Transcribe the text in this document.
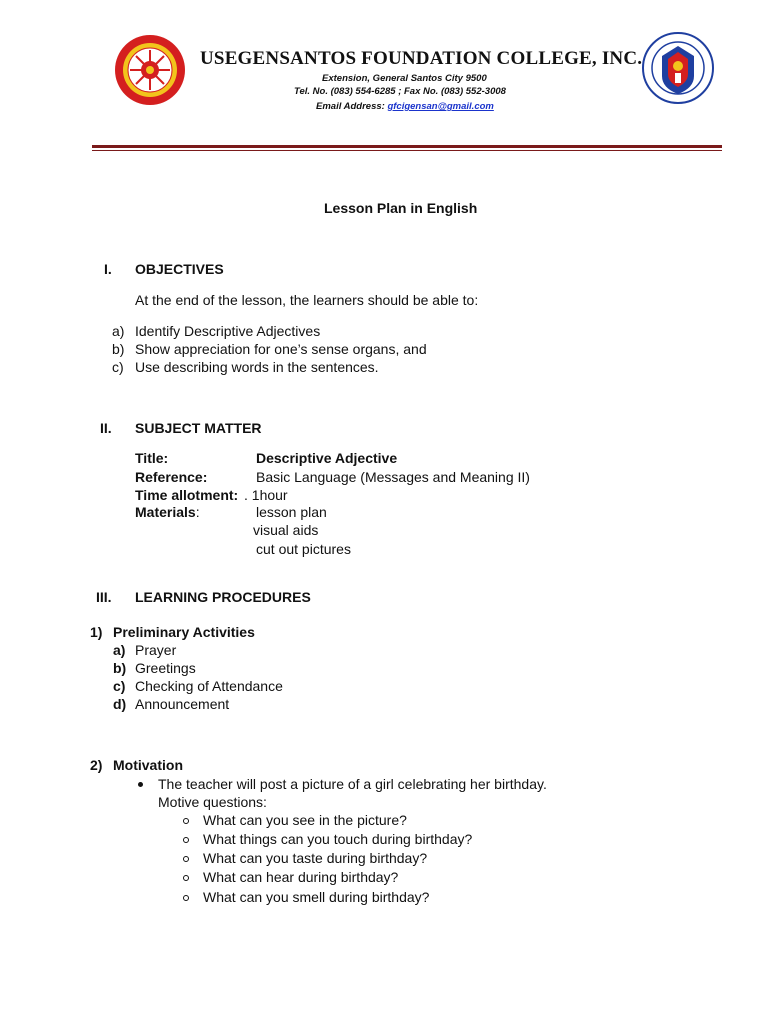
USEGENSANTOS FOUNDATION COLLEGE, INC.
Extension, General Santos City 9500
Tel. No. (083) 554-6285 ; Fax No. (083) 552-3008
Email Address: gfcigensan@gmail.com
Lesson Plan in English
I. OBJECTIVES
At the end of the lesson, the learners should be able to:
a) Identify Descriptive Adjectives
b) Show appreciation for one’s sense organs, and
c) Use describing words in the sentences.
II. SUBJECT MATTER
Title:	Descriptive Adjective
Reference:	Basic Language (Messages and Meaning II)
Time allotment: . 1hour
Materials:	lesson plan
visual aids
cut out pictures
III. LEARNING PROCEDURES
1) Preliminary Activities
a) Prayer
b) Greetings
c) Checking of Attendance
d) Announcement
2) Motivation
The teacher will post a picture of a girl celebrating her birthday.
Motive questions:
What can you see in the picture?
What things can you touch during birthday?
What can you taste during birthday?
What can hear during birthday?
What can you smell during birthday?
